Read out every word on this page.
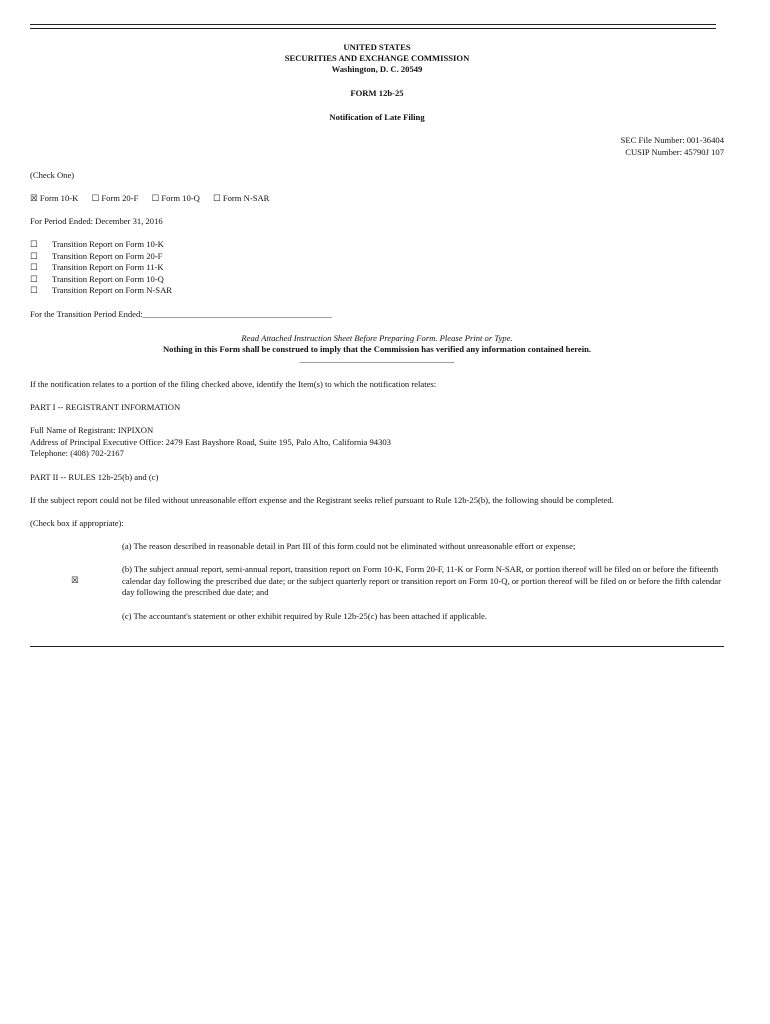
UNITED STATES
SECURITIES AND EXCHANGE COMMISSION
Washington, D. C. 20549
FORM 12b-25
Notification of Late Filing
SEC File Number: 001-36404
CUSIP Number: 45790J 107
(Check One)
☒ Form 10-K ☐ Form 20-F ☐ Form 10-Q ☐ Form N-SAR
For Period Ended: December 31, 2016
☐ Transition Report on Form 10-K
☐ Transition Report on Form 20-F
☐ Transition Report on Form 11-K
☐ Transition Report on Form 10-Q
☐ Transition Report on Form N-SAR
For the Transition Period Ended:____________________________________________
Read Attached Instruction Sheet Before Preparing Form. Please Print or Type.
Nothing in this Form shall be construed to imply that the Commission has verified any information contained herein.
____________________________________
If the notification relates to a portion of the filing checked above, identify the Item(s) to which the notification relates:
PART I -- REGISTRANT INFORMATION
Full Name of Registrant: INPIXON
Address of Principal Executive Office: 2479 East Bayshore Road, Suite 195, Palo Alto, California 94303
Telephone: (408) 702-2167
PART II -- RULES 12b-25(b) and (c)
If the subject report could not be filed without unreasonable effort expense and the Registrant seeks relief pursuant to Rule 12b-25(b), the following should be completed.
(Check box if appropriate):
(a) The reason described in reasonable detail in Part III of this form could not be eliminated without unreasonable effort or expense;
☒
(b) The subject annual report, semi-annual report, transition report on Form 10-K, Form 20-F, 11-K or Form N-SAR, or portion thereof will be filed on or before the fifteenth calendar day following the prescribed due date; or the subject quarterly report or transition report on Form 10-Q, or portion thereof will be filed on or before the fifth calendar day following the prescribed due date; and
(c) The accountant's statement or other exhibit required by Rule 12b-25(c) has been attached if applicable.
